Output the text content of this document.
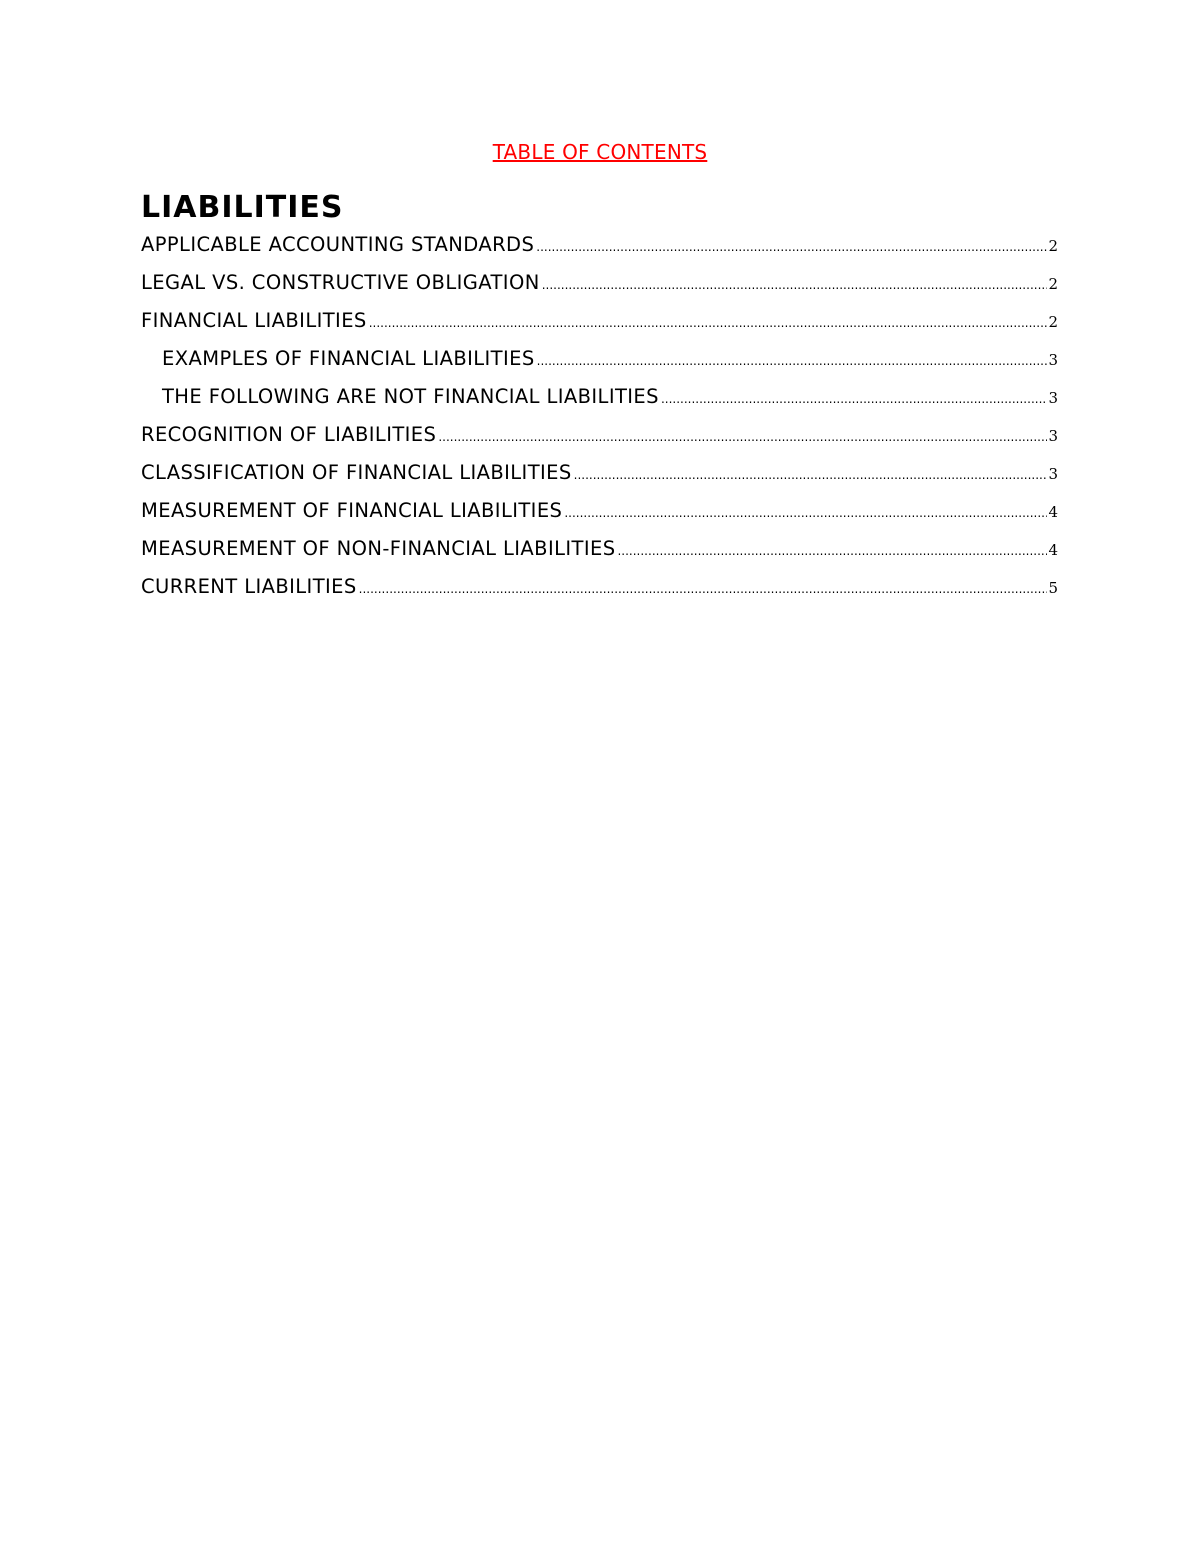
TABLE OF CONTENTS
LIABILITIES
APPLICABLE ACCOUNTING STANDARDS .....	2
LEGAL VS. CONSTRUCTIVE OBLIGATION .....	2
FINANCIAL LIABILITIES .....	2
EXAMPLES OF FINANCIAL LIABILITIES .....	3
THE FOLLOWING ARE NOT FINANCIAL LIABILITIES .....	3
RECOGNITION OF LIABILITIES .....	3
CLASSIFICATION OF FINANCIAL LIABILITIES .....	3
MEASUREMENT OF FINANCIAL LIABILITIES .....	4
MEASUREMENT OF NON-FINANCIAL LIABILITIES .....	4
CURRENT LIABILITIES .....	5
